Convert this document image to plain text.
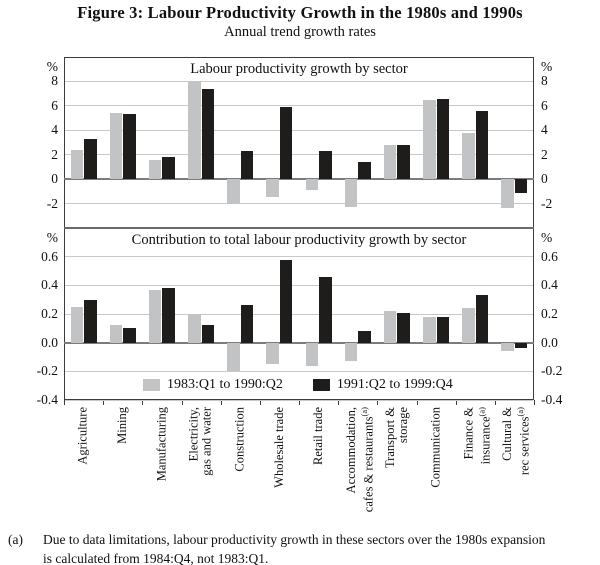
Figure 3: Labour Productivity Growth in the 1980s and 1990s
Annual trend growth rates
Labour productivity growth by sector
Contribution to total labour productivity growth by sector
1983:Q1 to 1990:Q2	1991:Q2 to 1999:Q4
(a) Due to data limitations, labour productivity growth in these sectors over the 1980s expansion
is calculated from 1984:Q4, not 1983:Q1.
8	8
6	6
4	4
2	2
0	0
-2	-2
%	%
0.6	0.6
0.4	0.4
0.2	0.2
0.0	0.0
-0.2	-0.2
-0.4	-0.4
%	%
Agriculture Mining Manufacturing Electricity, gas and water Construction Wholesale trade Retail trade Accommodation, cafes & restaurants$^{(a)}$	Transport & storage Communication Finance & insurance$^{(a)}$	Cultural & rec services$^{(a)}$
